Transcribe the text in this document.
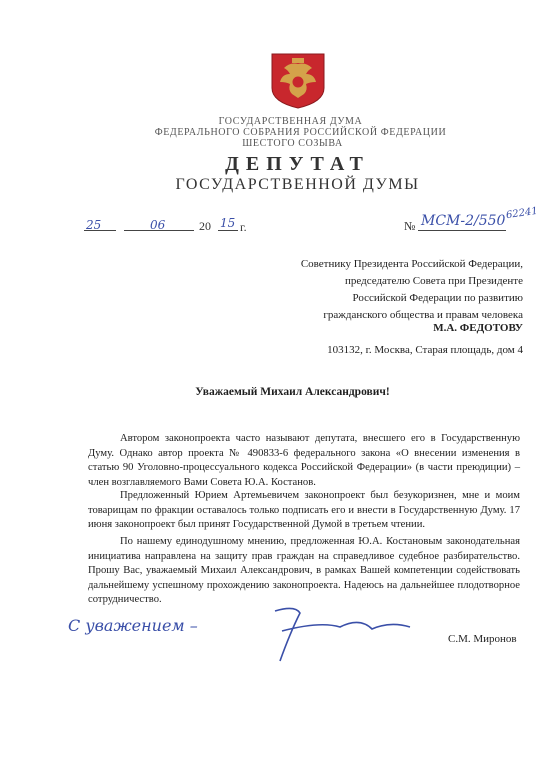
ГОСУДАРСТВЕННАЯ ДУМА
ФЕДЕРАЛЬНОГО СОБРАНИЯ РОССИЙСКОЙ ФЕДЕРАЦИИ
ШЕСТОГО СОЗЫВА
ДЕПУТАТ
ГОСУДАРСТВЕННОЙ ДУМЫ
25	06	20 15 г.	№ МСМ-2/550 62241
Советнику Президента Российской Федерации,
председателю Совета при Президенте
Российской Федерации по развитию
гражданского общества и правам человека
М.А. ФЕДОТОВУ
103132, г. Москва, Старая площадь, дом 4
Уважаемый Михаил Александрович!

Автором законопроекта часто называют депутата, внесшего его в Государственную Думу. Однако автор проекта № 490833-6 федерального закона «О внесении изменения в статью 90 Уголовно-процессуального кодекса Российской Федерации» (в части преюдиции) – член возглавляемого Вами Совета Ю.А. Костанов.

Предложенный Юрием Артемьевичем законопроект был безукоризнен, мне и моим товарищам по фракции оставалось только подписать его и внести в Государственную Думу. 17 июня законопроект был принят Государственной Думой в третьем чтении.

По нашему единодушному мнению, предложенная Ю.А. Костановым законодательная инициатива направлена на защиту прав граждан на справедливое судебное разбирательство. Прошу Вас, уважаемый Михаил Александрович, в рамках Вашей компетенции содействовать дальнейшему успешному прохождению законопроекта. Надеюсь на дальнейшее плодотворное сотрудничество.

С уважением –
С.М. Миронов
